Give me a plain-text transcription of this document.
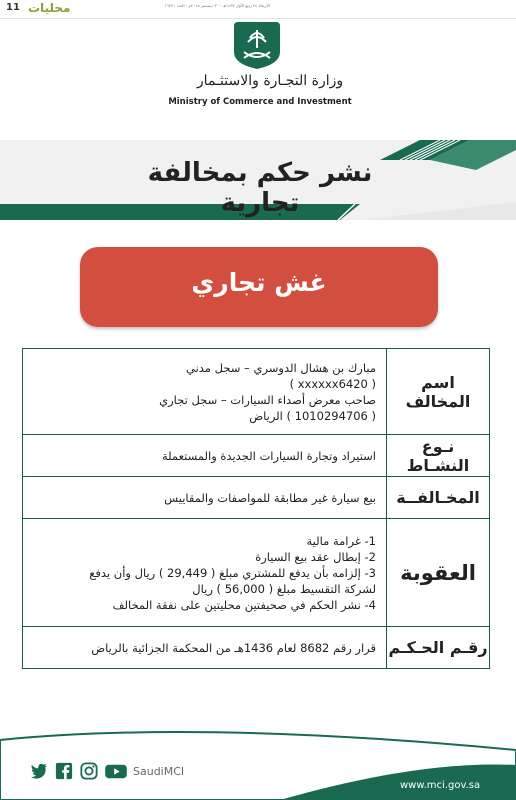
11 محليات	الأربعاء ٢٤ ربيع الأول ١٤٣٧هـ - ٣٠ ديسمبر ٢٠١٥م - العدد ١٦٧٢١
وزارة التجـارة والاستثـمار
Ministry of Commerce and Investment
نشر حكم بمخالفة تجارية
غش تجاري
اسم المخالف	مبارك بن هشال الدوسري – سجل مدني
( xxxxxx6420 )
صاحب معرض أصداء السيارات – سجل تجاري
( 1010294706 ) الرياض

نـوع النشـاط	استيراد وتجارة السيارات الجديدة والمستعملة

المخـالفــة	بيع سيارة غير مطابقة للمواصفات والمقاييس

العقوبة	1- غرامة مالية
2- إبطال عقد بيع السيارة
3- إلزامه بأن يدفع للمشتري مبلغ ( 29,449 ) ريال وأن يدفع
لشركة التقسيط مبلغ ( 56,000 ) ريال
4- نشر الحكم في صحيفتين محليتين على نفقة المخالف

رقـم الحـكـم	قرار رقم 8682 لعام 1436هـ من المحكمة الجزائية بالرياض
SaudiMCI
www.mci.gov.sa
